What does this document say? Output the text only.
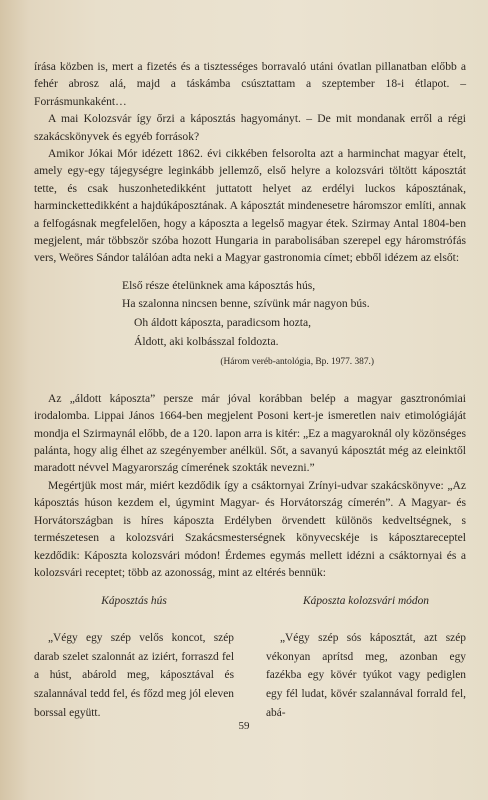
írása közben is, mert a fizetés és a tisztességes borravaló utáni óvatlan pillanatban előbb a fehér abrosz alá, majd a táskámba csúsztattam a szeptember 18-i étlapot. – Forrásmunkaként…

A mai Kolozsvár így őrzi a káposztás hagyományt. – De mit mondanak erről a régi szakácskönyvek és egyéb források?

Amikor Jókai Mór idézett 1862. évi cikkében felsorolta azt a harminchat magyar ételt, amely egy-egy tájegységre leginkább jellemző, első helyre a kolozsvári töltött káposztát tette, és csak huszonhetedikként juttatott helyet az erdélyi luckos káposztának, harminckettedikként a hajdúkáposztának. A káposztát mindenesetre háromszor említi, annak a felfogásnak megfelelően, hogy a káposzta a legelső magyar étek. Szirmay Antal 1804-ben megjelent, már többször szóba hozott Hungaria in parabolisában szerepel egy háromstrófás vers, Weöres Sándor találóan adta neki a Magyar gastronomia címet; ebből idézem az elsőt:

Első része ételünknek ama káposztás hús,
Ha szalonna nincsen benne, szívünk már nagyon bús.
Oh áldott káposzta, paradicsom hozta,
Áldott, aki kolbásszal foldozta.
(Három veréb-antológia, Bp. 1977. 387.)

Az „áldott káposzta” persze már jóval korábban belép a magyar gasztronómiai irodalomba. Lippai János 1664-ben megjelent Posoni kert-je ismeretlen naiv etimológiáját mondja el Szirmaynál előbb, de a 120. lapon arra is kitér: „Ez a magyaroknál oly közönséges palánta, hogy alig élhet az szegényember anélkül. Sőt, a savanyú káposztát még az eleinktől maradott névvel Magyarország címerének szokták nevezni.”

Megértjük most már, miért kezdődik így a csáktornyai Zrínyi-udvar szakácskönyve: „Az káposztás húson kezdem el, úgymint Magyar- és Horvátország címerén”. A Magyar- és Horvátországban is híres káposzta Erdélyben örvendett különös kedveltségnek, s természetesen a kolozsvári Szakácsmesterségnek könyvecskéje is káposztareceptel kezdődik: Káposzta kolozsvári módon! Érdemes egymás mellett idézni a csáktornyai és a kolozsvári receptet; több az azonosság, mint az eltérés bennük:

Káposztás hús

„Végy egy szép velős koncot, szép darab szelet szalonnát az iziért, forraszd fel a húst, abárold meg, káposztával és szalannával tedd fel, és főzd meg jól eleven borssal együtt.

Káposzta kolozsvári módon

„Végy szép sós káposztát, azt szép vékonyan aprítsd meg, azonban egy fazékba egy kövér tyúkot vagy pediglen egy fél ludat, kövér szalannával forrald fel, abá-

59
